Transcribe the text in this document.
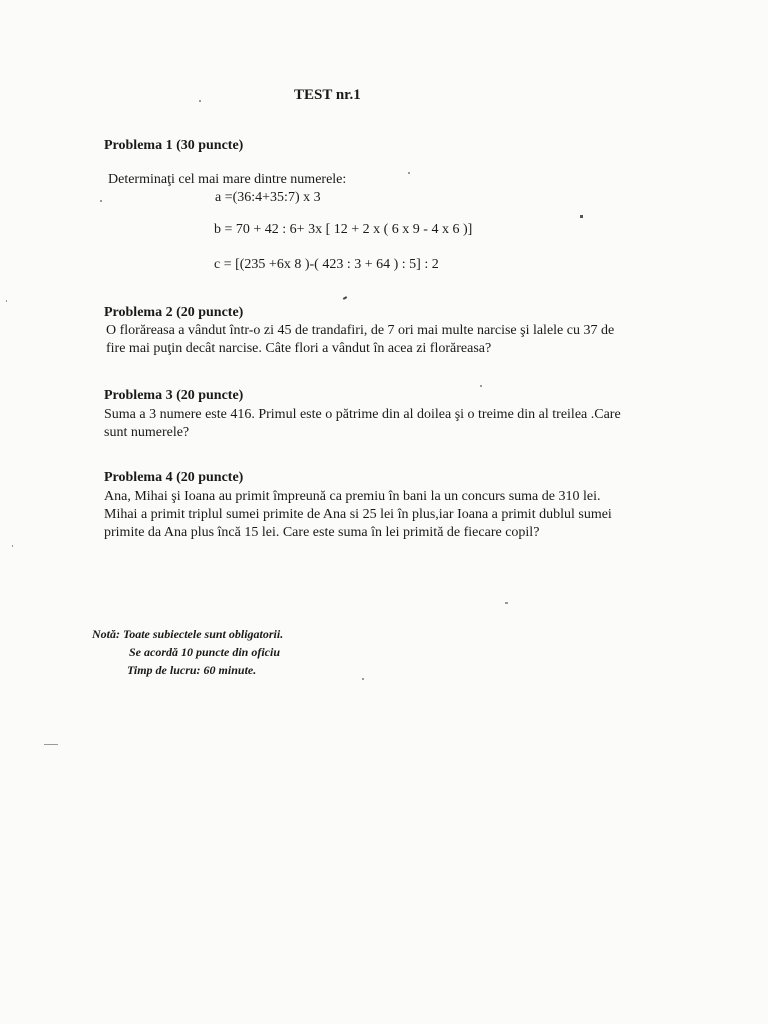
TEST nr.1
Problema 1 (30 puncte)
Determinaţi cel mai mare dintre numerele:
a =(36:4+35:7) x 3
b = 70 + 42 : 6+ 3x [ 12 + 2 x ( 6 x 9 - 4 x 6 )]
c = [(235 +6x 8 )-( 423 : 3 + 64 ) : 5] : 2
Problema 2 (20 puncte)
O florăreasa a vândut într-o zi 45 de trandafiri, de 7 ori mai multe narcise şi lalele cu 37 de
fire mai puţin decât narcise. Câte flori a vândut în acea zi florăreasa?
Problema 3 (20 puncte)
Suma a 3 numere este 416. Primul este o pătrime din al doilea şi o treime din al treilea .Care
sunt numerele?
Problema 4 (20 puncte)
Ana, Mihai şi Ioana au primit împreună ca premiu în bani la un concurs suma de 310 lei.
Mihai a primit triplul sumei primite de Ana si 25 lei în plus,iar Ioana a primit dublul sumei
primite da Ana plus încă 15 lei. Care este suma în lei primită de fiecare copil?
Notă: Toate subiectele sunt obligatorii.
Se acordă 10 puncte din oficiu
Timp de lucru: 60 minute.
